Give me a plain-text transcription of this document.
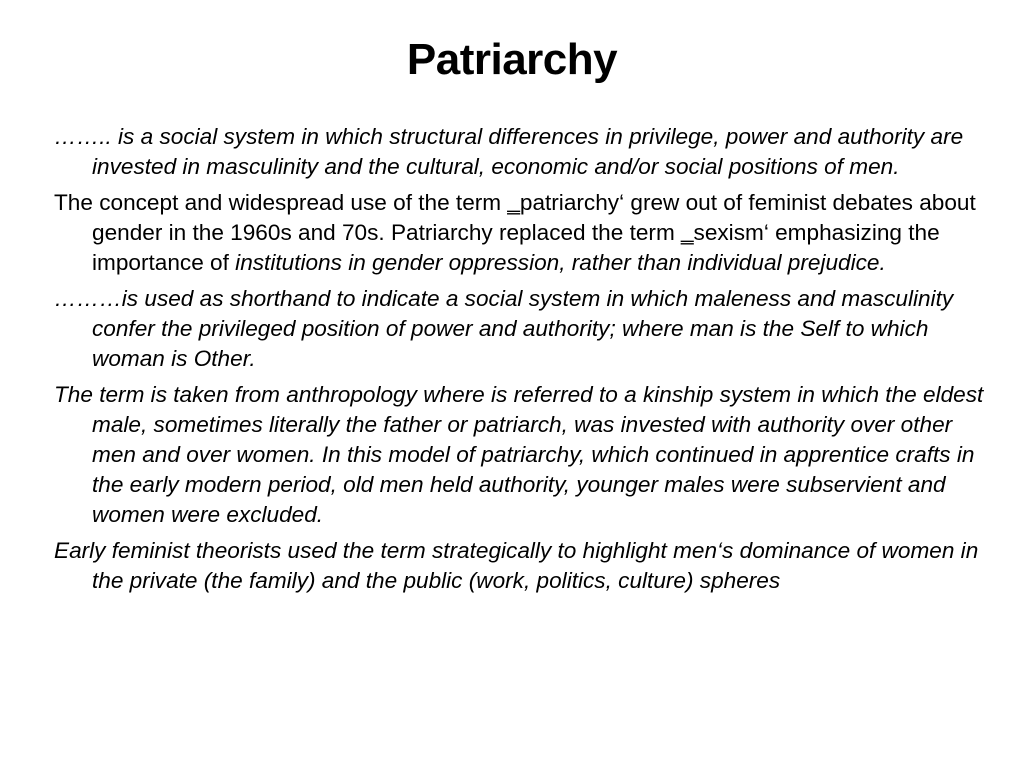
Patriarchy

…….. is a social system in which structural differences in privilege, power and authority are invested in masculinity and the cultural, economic and/or social positions of men.

The concept and widespread use of the term ‗patriarchy‘ grew out of feminist debates about gender in the 1960s and 70s. Patriarchy replaced the term ‗sexism‘ emphasizing the importance of institutions in gender oppression, rather than individual prejudice.

………is used as shorthand to indicate a social system in which maleness and masculinity confer the privileged position of power and authority; where man is the Self to which woman is Other.

The term is taken from anthropology where is referred to a kinship system in which the eldest male, sometimes literally the father or patriarch, was invested with authority over other men and over women. In this model of patriarchy, which continued in apprentice crafts in the early modern period, old men held authority, younger males were subservient and women were excluded.

Early feminist theorists used the term strategically to highlight men‘s dominance of women in the private (the family) and the public (work, politics, culture) spheres
